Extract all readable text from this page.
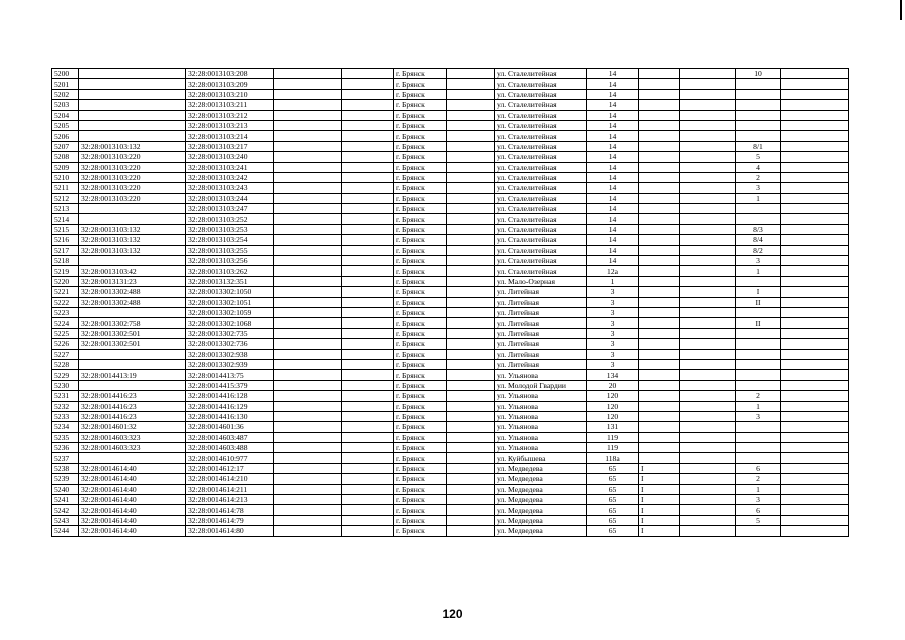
5200		32:28:0013103:208			г. Брянск		ул. Сталелитейная	14			10	
5201		32:28:0013103:209			г. Брянск		ул. Сталелитейная	14				
5202		32:28:0013103:210			г. Брянск		ул. Сталелитейная	14				
5203		32:28:0013103:211			г. Брянск		ул. Сталелитейная	14				
5204		32:28:0013103:212			г. Брянск		ул. Сталелитейная	14				
5205		32:28:0013103:213			г. Брянск		ул. Сталелитейная	14				
5206		32:28:0013103:214			г. Брянск		ул. Сталелитейная	14				
5207	32:28:0013103:132	32:28:0013103:217			г. Брянск		ул. Сталелитейная	14			8/1	
5208	32:28:0013103:220	32:28:0013103:240			г. Брянск		ул. Сталелитейная	14			5	
5209	32:28:0013103:220	32:28:0013103:241			г. Брянск		ул. Сталелитейная	14			4	
5210	32:28:0013103:220	32:28:0013103:242			г. Брянск		ул. Сталелитейная	14			2	
5211	32:28:0013103:220	32:28:0013103:243			г. Брянск		ул. Сталелитейная	14			3	
5212	32:28:0013103:220	32:28:0013103:244			г. Брянск		ул. Сталелитейная	14			1	
5213		32:28:0013103:247			г. Брянск		ул. Сталелитейная	14				
5214		32:28:0013103:252			г. Брянск		ул. Сталелитейная	14				
5215	32:28:0013103:132	32:28:0013103:253			г. Брянск		ул. Сталелитейная	14			8/3	
5216	32:28:0013103:132	32:28:0013103:254			г. Брянск		ул. Сталелитейная	14			8/4	
5217	32:28:0013103:132	32:28:0013103:255			г. Брянск		ул. Сталелитейная	14			8/2	
5218		32:28:0013103:256			г. Брянск		ул. Сталелитейная	14			3	
5219	32:28:0013103:42	32:28:0013103:262			г. Брянск		ул. Сталелитейная	12а			1	
5220	32:28:0013131:23	32:28:0013132:351			г. Брянск		ул. Мало-Озерная	1				
5221	32:28:0013302:488	32:28:0013302:1050			г. Брянск		ул. Литейная	3			I	
5222	32:28:0013302:488	32:28:0013302:1051			г. Брянск		ул. Литейная	3			II	
5223		32:28:0013302:1059			г. Брянск		ул. Литейная	3				
5224	32:28:0013302:758	32:28:0013302:1068			г. Брянск		ул. Литейная	3			II	
5225	32:28:0013302:501	32:28:0013302:735			г. Брянск		ул. Литейная	3				
5226	32:28:0013302:501	32:28:0013302:736			г. Брянск		ул. Литейная	3				
5227		32:28:0013302:938			г. Брянск		ул. Литейная	3				
5228		32:28:0013302:939			г. Брянск		ул. Литейная	3				
5229	32:28:0014413:19	32:28:0014413:75			г. Брянск		ул. Ульянова	134				
5230		32:28:0014415:379			г. Брянск		ул. Молодой Гвардии	20				
5231	32:28:0014416:23	32:28:0014416:128			г. Брянск		ул. Ульянова	120			2	
5232	32:28:0014416:23	32:28:0014416:129			г. Брянск		ул. Ульянова	120			1	
5233	32:28:0014416:23	32:28:0014416:130			г. Брянск		ул. Ульянова	120			3	
5234	32:28:0014601:32	32:28:0014601:36			г. Брянск		ул. Ульянова	131				
5235	32:28:0014603:323	32:28:0014603:487			г. Брянск		ул. Ульянова	119				
5236	32:28:0014603:323	32:28:0014603:488			г. Брянск		ул. Ульянова	119				
5237		32:28:0014610:977			г. Брянск		ул. Куйбышева	118а				
5238	32:28:0014614:40	32:28:0014612:17			г. Брянск		ул. Медведева	65	I		6	
5239	32:28:0014614:40	32:28:0014614:210			г. Брянск		ул. Медведева	65	I		2	
5240	32:28:0014614:40	32:28:0014614:211			г. Брянск		ул. Медведева	65	I		1	
5241	32:28:0014614:40	32:28:0014614:213			г. Брянск		ул. Медведева	65	I		3	
5242	32:28:0014614:40	32:28:0014614:78			г. Брянск		ул. Медведева	65	I		6	
5243	32:28:0014614:40	32:28:0014614:79			г. Брянск		ул. Медведева	65	I		5	
5244	32:28:0014614:40	32:28:0014614:80			г. Брянск		ул. Медведева	65	I			
120
